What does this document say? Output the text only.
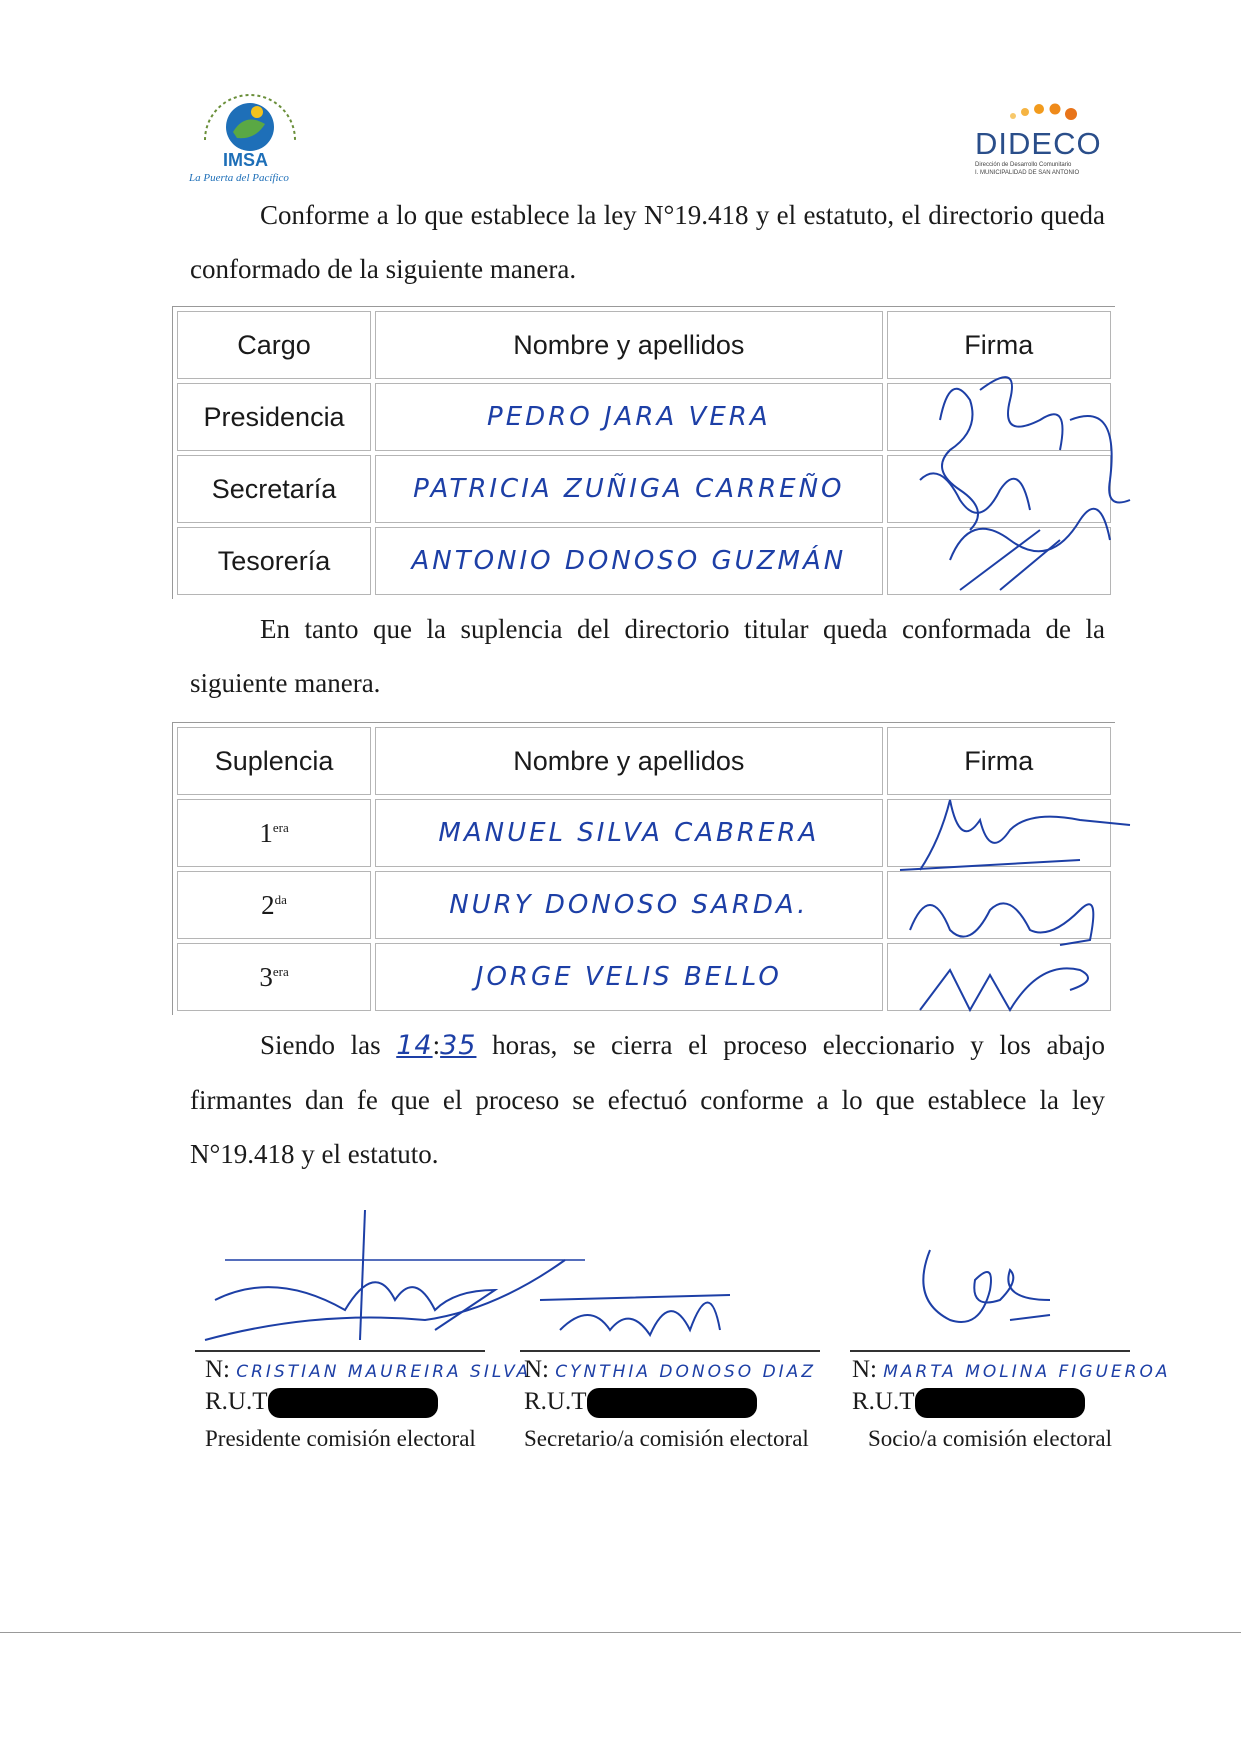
IMSA
La Puerta del Pacífico
DIDECO
Dirección de Desarrollo Comunitario
I. MUNICIPALIDAD DE SAN ANTONIO
Conforme a lo que establece la ley N°19.418 y el estatuto, el directorio queda conformado de la siguiente manera.
Cargo	Nombre y apellidos	Firma
Presidencia	PEDRO JARA VERA	
Secretaría	PATRICIA ZUÑIGA CARREÑO	
Tesorería	ANTONIO DONOSO GUZMÁN	
En tanto que la suplencia del directorio titular queda conformada de la siguiente manera.
Suplencia	Nombre y apellidos	Firma
$1^{era}$	MANUEL SILVA CABRERA	
$2^{da}$	NURY DONOSO SARDA.	
$3^{era}$	JORGE VELIS BELLO	
Siendo las 14:35 horas, se cierra el proceso eleccionario y los abajo firmantes dan fe que el proceso se efectuó conforme a lo que establece la ley N°19.418 y el estatuto.
N: CRISTIAN MAUREIRA SILVA
R.U.T
Presidente comisión electoral
N: CYNTHIA DONOSO DIAZ
R.U.T
Secretario/a comisión electoral
N: MARTA MOLINA FIGUEROA
R.U.T
Socio/a comisión electoral
